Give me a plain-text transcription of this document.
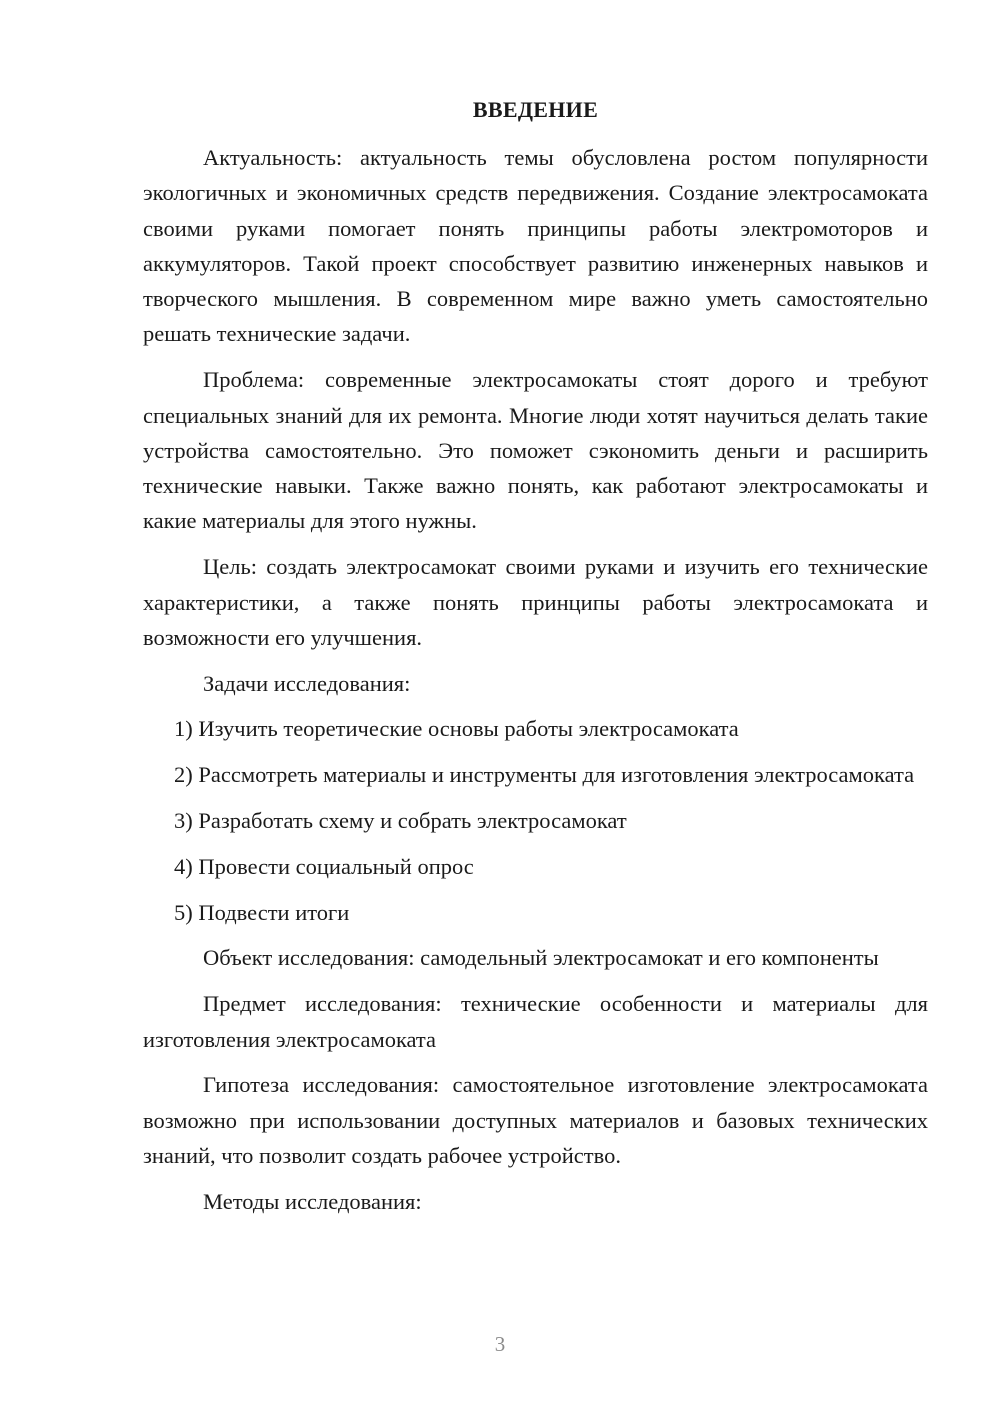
ВВЕДЕНИЕ

Актуальность: актуальность темы обусловлена ростом популярности экологичных и экономичных средств передвижения. Создание электросамоката своими руками помогает понять принципы работы электромоторов и аккумуляторов. Такой проект способствует развитию инженерных навыков и творческого мышления. В современном мире важно уметь самостоятельно решать технические задачи.

Проблема: современные электросамокаты стоят дорого и требуют специальных знаний для их ремонта. Многие люди хотят научиться делать такие устройства самостоятельно. Это поможет сэкономить деньги и расширить технические навыки. Также важно понять, как работают электросамокаты и какие материалы для этого нужны.

Цель: создать электросамокат своими руками и изучить его технические характеристики, а также понять принципы работы электросамоката и возможности его улучшения.

Задачи исследования:

1) Изучить теоретические основы работы электросамоката

2) Рассмотреть материалы и инструменты для изготовления электросамоката

3) Разработать схему и собрать электросамокат

4) Провести социальный опрос

5) Подвести итоги

Объект исследования: самодельный электросамокат и его компоненты

Предмет исследования: технические особенности и материалы для изготовления электросамоката

Гипотеза исследования: самостоятельное изготовление электросамоката возможно при использовании доступных материалов и базовых технических знаний, что позволит создать рабочее устройство.

Методы исследования:

3
